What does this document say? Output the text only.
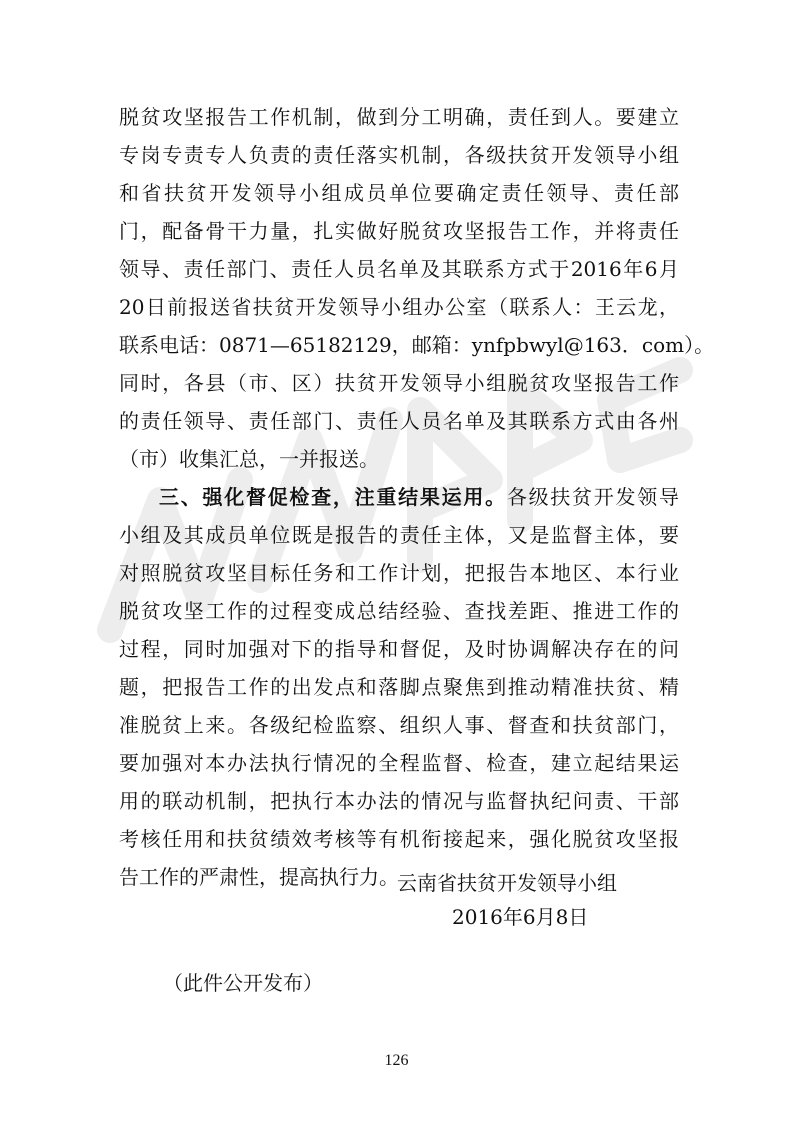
脱贫攻坚报告工作机制，做到分工明确，责任到人。要建立
专岗专责专人负责的责任落实机制，各级扶贫开发领导小组
和省扶贫开发领导小组成员单位要确定责任领导、责任部
门，配备骨干力量，扎实做好脱贫攻坚报告工作，并将责任
领导、责任部门、责任人员名单及其联系方式于2016年6月
20日前报送省扶贫开发领导小组办公室（联系人：王云龙，
联系电话：0871—65182129，邮箱：ynfpbwyl@163．com）。
同时，各县（市、区）扶贫开发领导小组脱贫攻坚报告工作
的责任领导、责任部门、责任人员名单及其联系方式由各州
（市）收集汇总，一并报送。
三、强化督促检查，注重结果运用。各级扶贫开发领导
小组及其成员单位既是报告的责任主体，又是监督主体，要
对照脱贫攻坚目标任务和工作计划，把报告本地区、本行业
脱贫攻坚工作的过程变成总结经验、查找差距、推进工作的
过程，同时加强对下的指导和督促，及时协调解决存在的问
题，把报告工作的出发点和落脚点聚焦到推动精准扶贫、精
准脱贫上来。各级纪检监察、组织人事、督查和扶贫部门，
要加强对本办法执行情况的全程监督、检查，建立起结果运
用的联动机制，把执行本办法的情况与监督执纪问责、干部
考核任用和扶贫绩效考核等有机衔接起来，强化脱贫攻坚报
告工作的严肃性，提高执行力。
云南省扶贫开发领导小组
2016年6月8日
（此件公开发布）
126
